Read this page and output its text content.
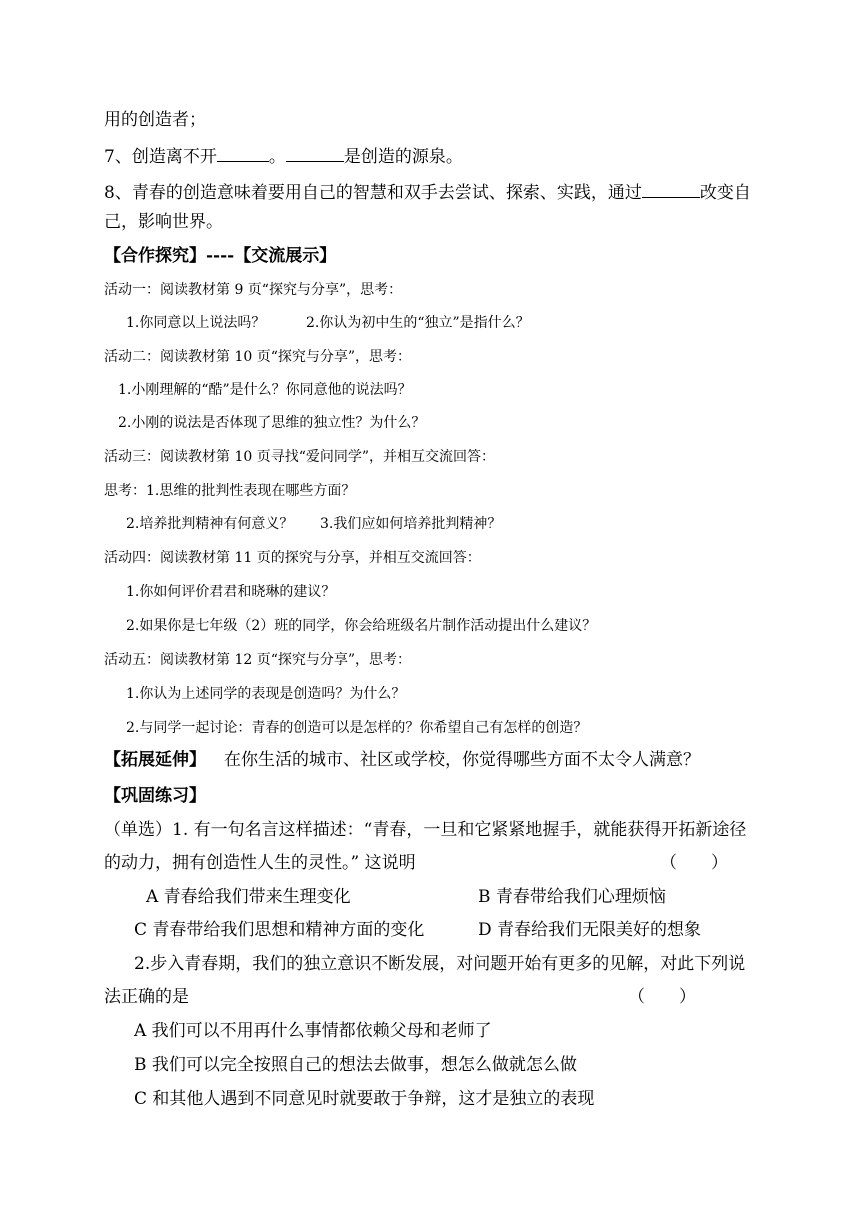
用的创造者；
7、创造离不开	。	是创造的源泉。
8、青春的创造意味着要用自己的智慧和双手去尝试、探索、实践，通过	改变自
己，影响世界。
【合作探究】----【交流展示】
活动一：阅读教材第 9 页“探究与分享”，思考：
1.你同意以上说法吗？	2.你认为初中生的“独立”是指什么？
活动二：阅读教材第 10 页“探究与分享”，思考：
1.小刚理解的“酷”是什么？你同意他的说法吗？
2.小刚的说法是否体现了思维的独立性？为什么？
活动三：阅读教材第 10 页寻找“爱问同学”，并相互交流回答：
思考：1.思维的批判性表现在哪些方面？
2.培养批判精神有何意义？ 3.我们应如何培养批判精神？
活动四：阅读教材第 11 页的探究与分享，并相互交流回答：
1.你如何评价君君和晓琳的建议？
2.如果你是七年级（2）班的同学，你会给班级名片制作活动提出什么建议？
活动五：阅读教材第 12 页“探究与分享”，思考：
1.你认为上述同学的表现是创造吗？为什么？
2.与同学一起讨论：青春的创造可以是怎样的？你希望自己有怎样的创造？
【拓展延伸】 在你生活的城市、社区或学校，你觉得哪些方面不太令人满意？
【巩固练习】
（单选）1. 有一句名言这样描述：“青春，一旦和它紧紧地握手，就能获得开拓新途径
的动力，拥有创造性人生的灵性。” 这说明	（　　）
A 青春给我们带来生理变化	B 青春带给我们心理烦恼
C 青春带给我们思想和精神方面的变化	D 青春给我们无限美好的想象
2.步入青春期，我们的独立意识不断发展，对问题开始有更多的见解，对此下列说
法正确的是	（　　）
A 我们可以不用再什么事情都依赖父母和老师了
B 我们可以完全按照自己的想法去做事，想怎么做就怎么做
C 和其他人遇到不同意见时就要敢于争辩，这才是独立的表现
